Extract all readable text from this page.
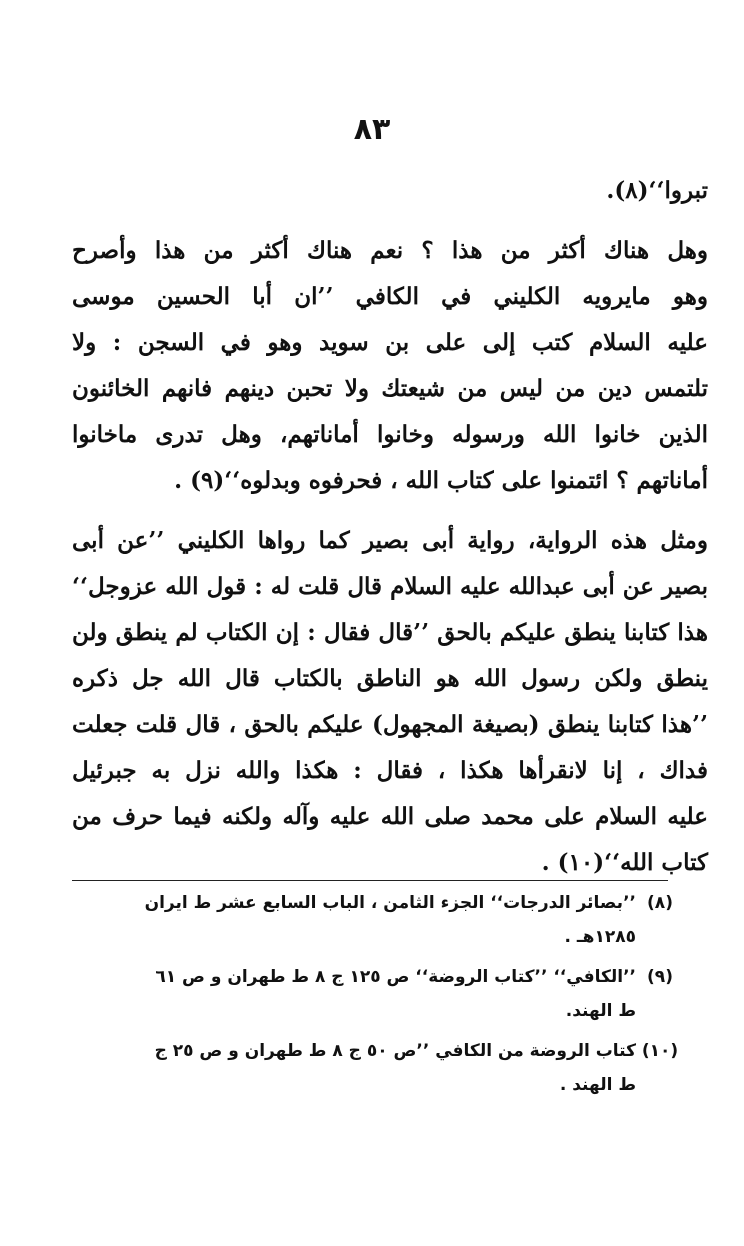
٨٣
تبروا‘‘(٨).
وهل هناك أكثر من هذا ؟ نعم هناك أكثر من هذا وأصرح
وهو مايرويه الكليني في الكافي ’’ان أبا الحسين موسى
عليه السلام كتب إلى على بن سويد وهو في السجن : ولا
تلتمس دين من ليس من شيعتك ولا تحبن دينهم فانهم الخائنون
الذين خانوا الله ورسوله وخانوا أماناتهم، وهل تدرى ماخانوا
أماناتهم ؟ ائتمنوا على كتاب الله ، فحرفوه وبدلوه‘‘(٩) .
ومثل هذه الرواية، رواية أبى بصير كما رواها الكليني ’’عن أبى
بصير عن أبى عبدالله عليه السلام قال قلت له : قول الله عزوجل‘‘
هذا كتابنا ينطق عليكم بالحق ’’قال فقال : إن الكتاب لم ينطق ولن
ينطق ولكن رسول الله هو الناطق بالكتاب قال الله جل ذكره
’’هذا كتابنا ينطق (بصيغة المجهول) عليكم بالحق ، قال قلت جعلت
فداك ، إنا لانقرأها هكذا ، فقال : هكذا والله نزل به جبرئيل
عليه السلام على محمد صلى الله عليه وآله ولكنه فيما حرف من
كتاب الله‘‘(١٠) .
(٨)’’بصائر الدرجات‘‘ الجزء الثامن ، الباب السابع عشر ط ايران
١٢٨٥هـ .
(٩)’’الكافي‘‘ ’’كتاب الروضة‘‘ ص ١٢٥ ج ٨ ط طهران و ص ٦١
ط الهند.
(١٠)كتاب الروضة من الكافي ’’ص ٥٠ ج ٨ ط طهران و ص ٢٥ ج
ط الهند .
